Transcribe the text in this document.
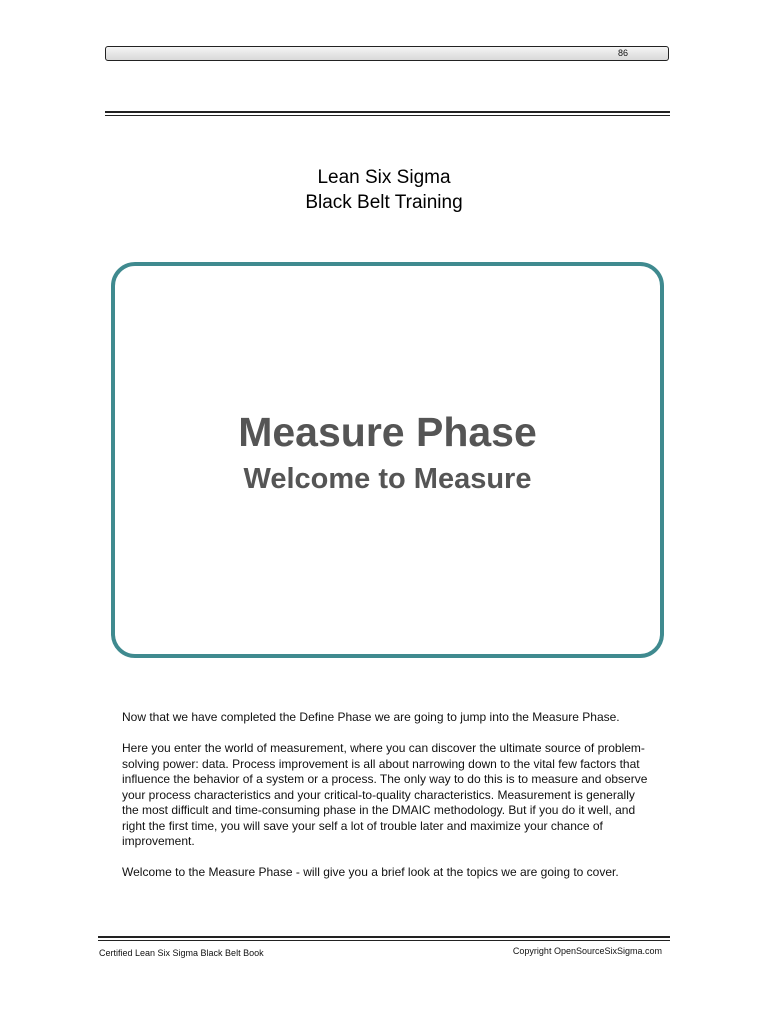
86
Lean Six Sigma
Black Belt Training
Measure Phase
Welcome to Measure

Now that we have completed the Define Phase we are going to jump into the Measure Phase.

Here you enter the world of measurement, where you can discover the ultimate source of problem-solving power: data. Process improvement is all about narrowing down to the vital few factors that influence the behavior of a system or a process. The only way to do this is to measure and observe your process characteristics and your critical-to-quality characteristics. Measurement is generally the most difficult and time-consuming phase in the DMAIC methodology. But if you do it well, and right the first time, you will save your self a lot of trouble later and maximize your chance of improvement.

Welcome to the Measure Phase - will give you a brief look at the topics we are going to cover.

Certified Lean Six Sigma Black Belt Book	Copyright OpenSourceSixSigma.com
